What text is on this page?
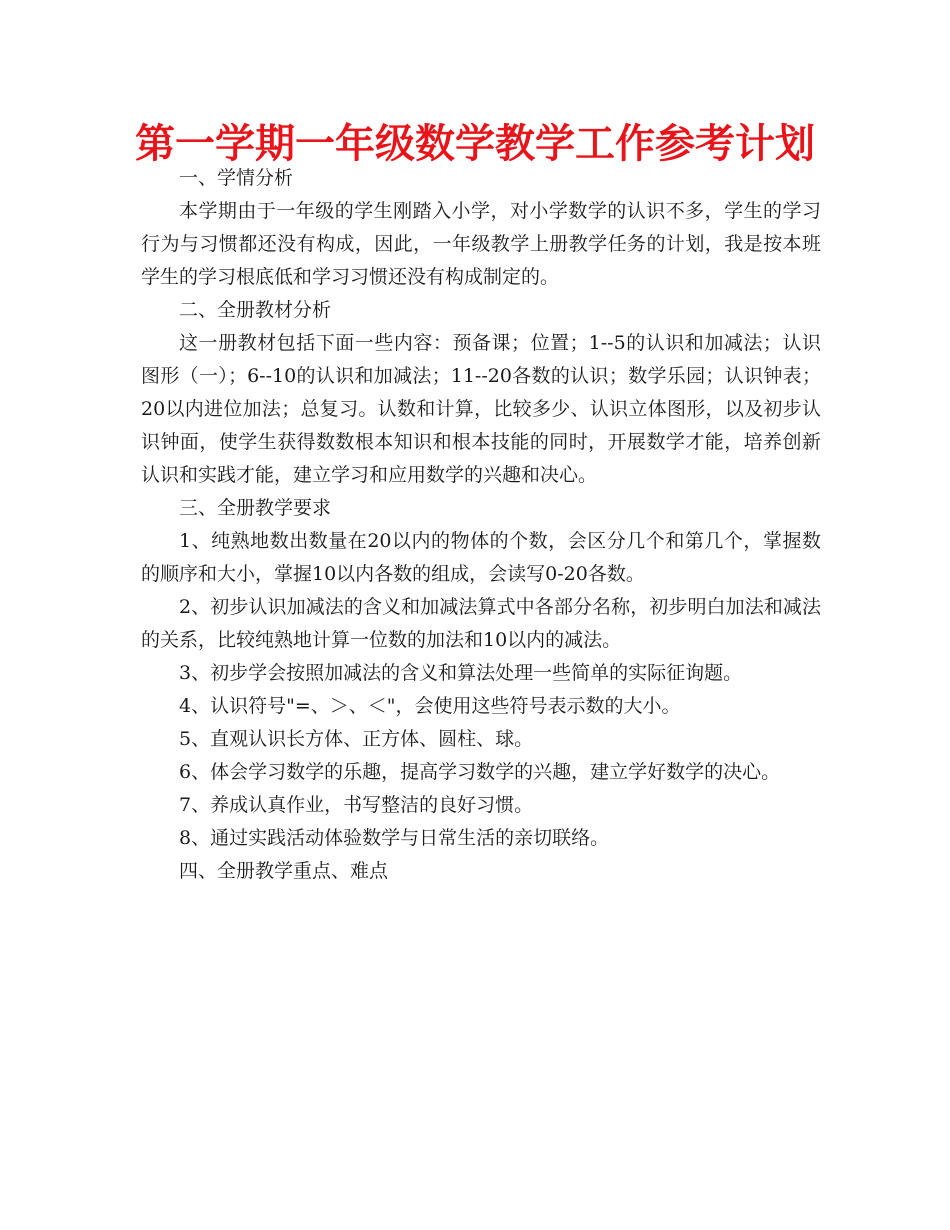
第一学期一年级数学教学工作参考计划

一、学情分析

本学期由于一年级的学生刚踏入小学，对小学数学的认识不多，学生的学习行为与习惯都还没有构成，因此，一年级教学上册教学任务的计划，我是按本班学生的学习根底低和学习习惯还没有构成制定的。

二、全册教材分析

这一册教材包括下面一些内容：预备课；位置；1--5的认识和加减法；认识图形（一）；6--10的认识和加减法；11--20各数的认识；数学乐园；认识钟表；20以内进位加法；总复习。认数和计算，比较多少、认识立体图形，以及初步认识钟面，使学生获得数数根本知识和根本技能的同时，开展数学才能，培养创新认识和实践才能，建立学习和应用数学的兴趣和决心。

三、全册教学要求

1、纯熟地数出数量在20以内的物体的个数，会区分几个和第几个，掌握数的顺序和大小，掌握10以内各数的组成，会读写0-20各数。

2、初步认识加减法的含义和加减法算式中各部分名称，初步明白加法和减法的关系，比较纯熟地计算一位数的加法和10以内的减法。

3、初步学会按照加减法的含义和算法处理一些简单的实际征询题。

4、认识符号"=、＞、＜"，会使用这些符号表示数的大小。

5、直观认识长方体、正方体、圆柱、球。

6、体会学习数学的乐趣，提高学习数学的兴趣，建立学好数学的决心。

7、养成认真作业，书写整洁的良好习惯。

8、通过实践活动体验数学与日常生活的亲切联络。

四、全册教学重点、难点
